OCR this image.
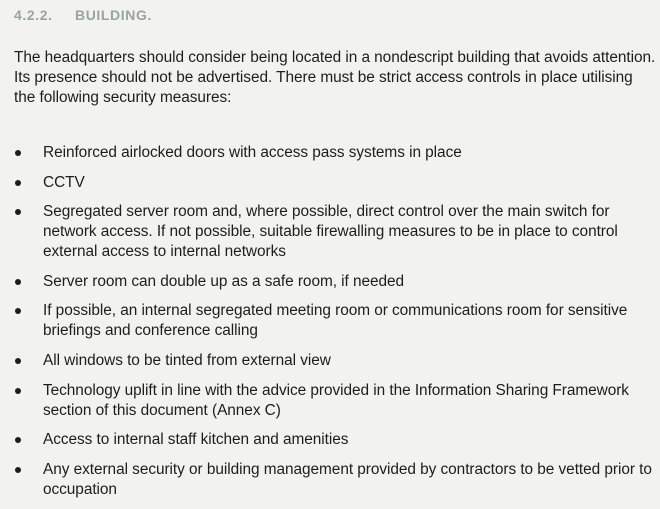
4.2.2.	BUILDING.

The headquarters should consider being located in a nondescript building that avoids attention. Its presence should not be advertised. There must be strict access controls in place utilising the following security measures:

Reinforced airlocked doors with access pass systems in place
CCTV
Segregated server room and, where possible, direct control over the main switch for network access. If not possible, suitable firewalling measures to be in place to control external access to internal networks
Server room can double up as a safe room, if needed
If possible, an internal segregated meeting room or communications room for sensitive briefings and conference calling
All windows to be tinted from external view
Technology uplift in line with the advice provided in the Information Sharing Framework section of this document (Annex C)
Access to internal staff kitchen and amenities
Any external security or building management provided by contractors to be vetted prior to occupation
